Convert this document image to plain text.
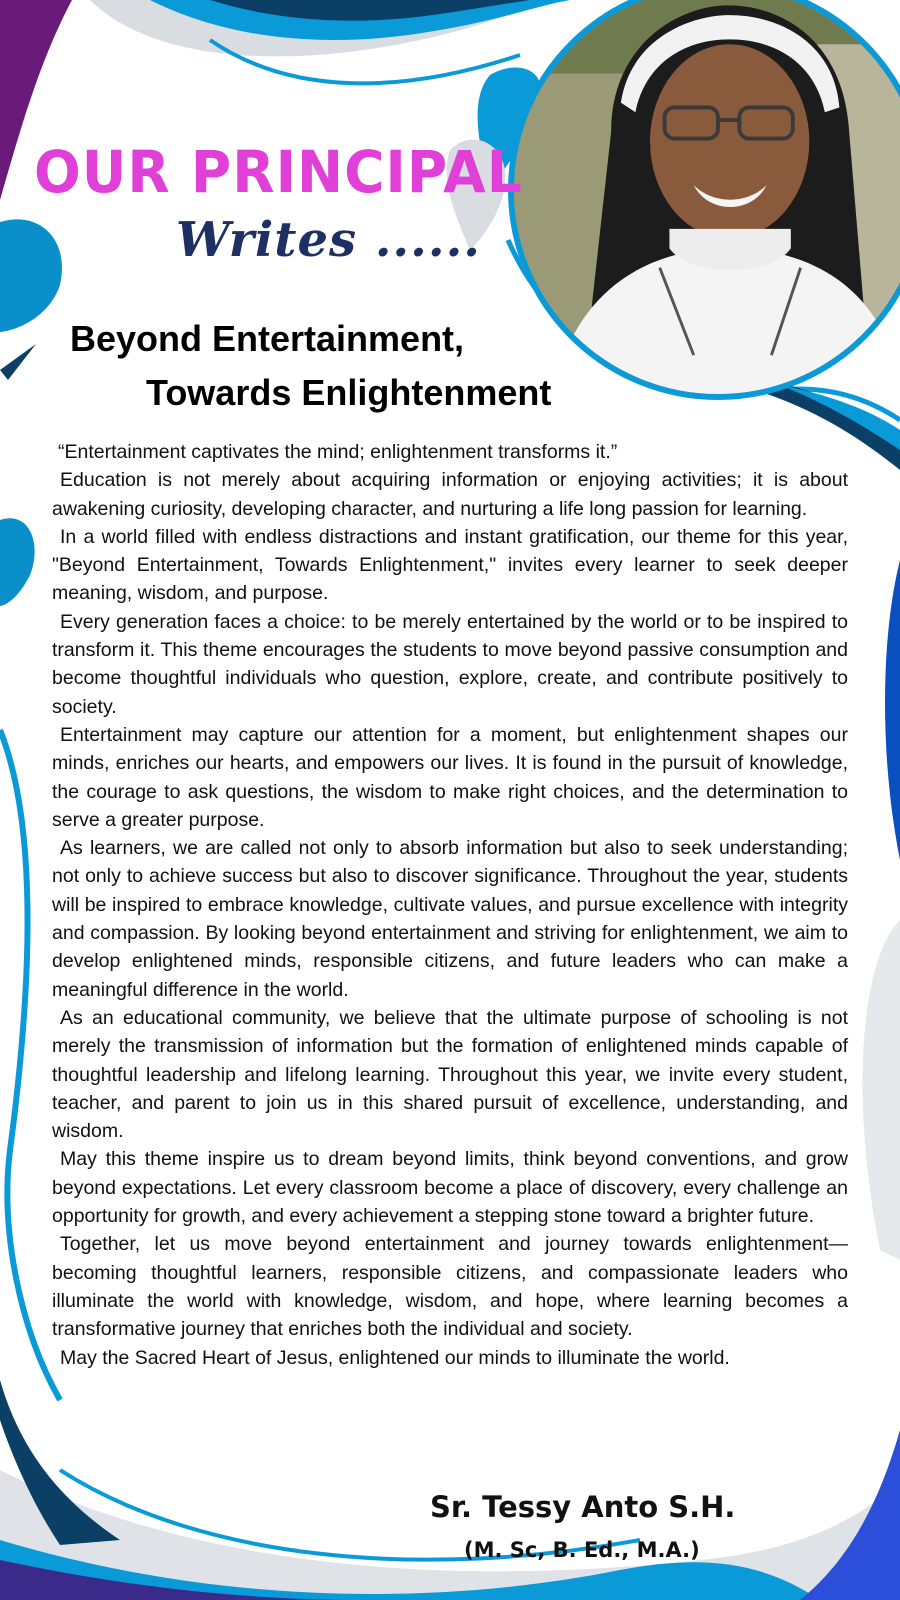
OUR PRINCIPAL
Writes ......
Beyond Entertainment,
Towards Enlightenment

“Entertainment captivates the mind; enlightenment transforms it.”

Education is not merely about acquiring information or enjoying activities; it is about awakening curiosity, developing character, and nurturing a life long passion for learning.

In a world filled with endless distractions and instant gratification, our theme for this year, "Beyond Entertainment, Towards Enlightenment," invites every learner to seek deeper meaning, wisdom, and purpose.

Every generation faces a choice: to be merely entertained by the world or to be inspired to transform it. This theme encourages the students to move beyond passive consumption and become thoughtful individuals who question, explore, create, and contribute positively to society.

Entertainment may capture our attention for a moment, but enlightenment shapes our minds, enriches our hearts, and empowers our lives. It is found in the pursuit of knowledge, the courage to ask questions, the wisdom to make right choices, and the determination to serve a greater purpose.

As learners, we are called not only to absorb information but also to seek understanding; not only to achieve success but also to discover significance. Throughout the year, students will be inspired to embrace knowledge, cultivate values, and pursue excellence with integrity and compassion. By looking beyond entertainment and striving for enlightenment, we aim to develop enlightened minds, responsible citizens, and future leaders who can make a meaningful difference in the world.

As an educational community, we believe that the ultimate purpose of schooling is not merely the transmission of information but the formation of enlightened minds capable of thoughtful leadership and lifelong learning. Throughout this year, we invite every student, teacher, and parent to join us in this shared pursuit of excellence, understanding, and wisdom.

May this theme inspire us to dream beyond limits, think beyond conventions, and grow beyond expectations. Let every classroom become a place of discovery, every challenge an opportunity for growth, and every achievement a stepping stone toward a brighter future.

Together, let us move beyond entertainment and journey towards enlightenment—becoming thoughtful learners, responsible citizens, and compassionate leaders who illuminate the world with knowledge, wisdom, and hope, where learning becomes a transformative journey that enriches both the individual and society.

May the Sacred Heart of Jesus, enlightened our minds to illuminate the world.

Sr. Tessy Anto S.H.

(M. Sc, B. Ed., M.A.)
